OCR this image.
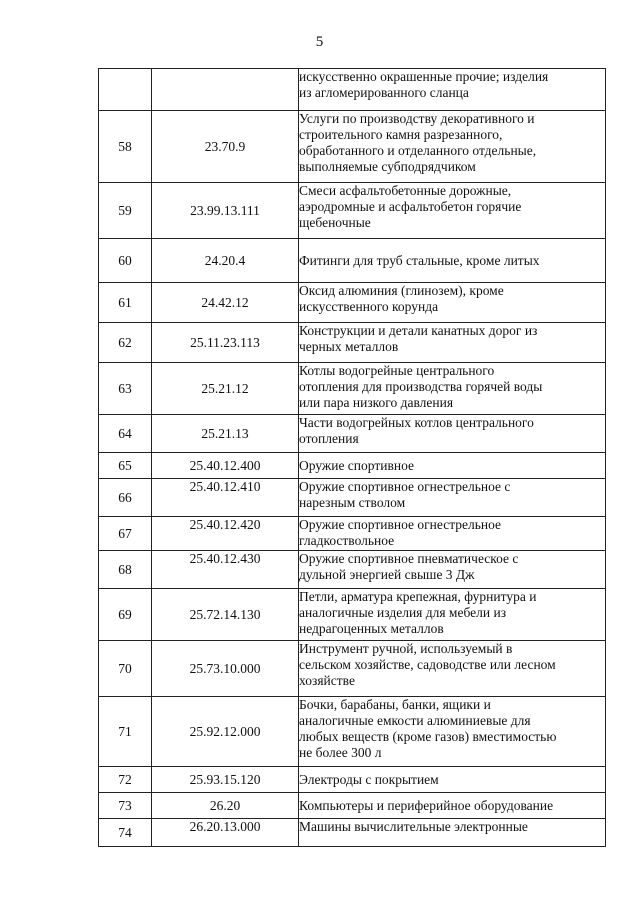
5
		искусственно окрашенные прочие; изделия
из агломерированного сланца
58	23.70.9	Услуги по производству декоративного и
строительного камня разрезанного,
обработанного и отделанного отдельные,
выполняемые субподрядчиком
59	23.99.13.111	Смеси асфальтобетонные дорожные,
аэродромные и асфальтобетон горячие
щебеночные
60	24.20.4	Фитинги для труб стальные, кроме литых
61	24.42.12	Оксид алюминия (глинозем), кроме
искусственного корунда
62	25.11.23.113	Конструкции и детали канатных дорог из
черных металлов
63	25.21.12	Котлы водогрейные центрального
отопления для производства горячей воды
или пара низкого давления
64	25.21.13	Части водогрейных котлов центрального
отопления
65	25.40.12.400	Оружие спортивное
66	25.40.12.410	Оружие спортивное огнестрельное с
нарезным стволом
67	25.40.12.420	Оружие спортивное огнестрельное
гладкоствольное
68	25.40.12.430	Оружие спортивное пневматическое с
дульной энергией свыше 3 Дж
69	25.72.14.130	Петли, арматура крепежная, фурнитура и
аналогичные изделия для мебели из
недрагоценных металлов
70	25.73.10.000	Инструмент ручной, используемый в
сельском хозяйстве, садоводстве или лесном
хозяйстве
71	25.92.12.000	Бочки, барабаны, банки, ящики и
аналогичные емкости алюминиевые для
любых веществ (кроме газов) вместимостью
не более 300 л
72	25.93.15.120	Электроды с покрытием
73	26.20	Компьютеры и периферийное оборудование
74	26.20.13.000	Машины вычислительные электронные
